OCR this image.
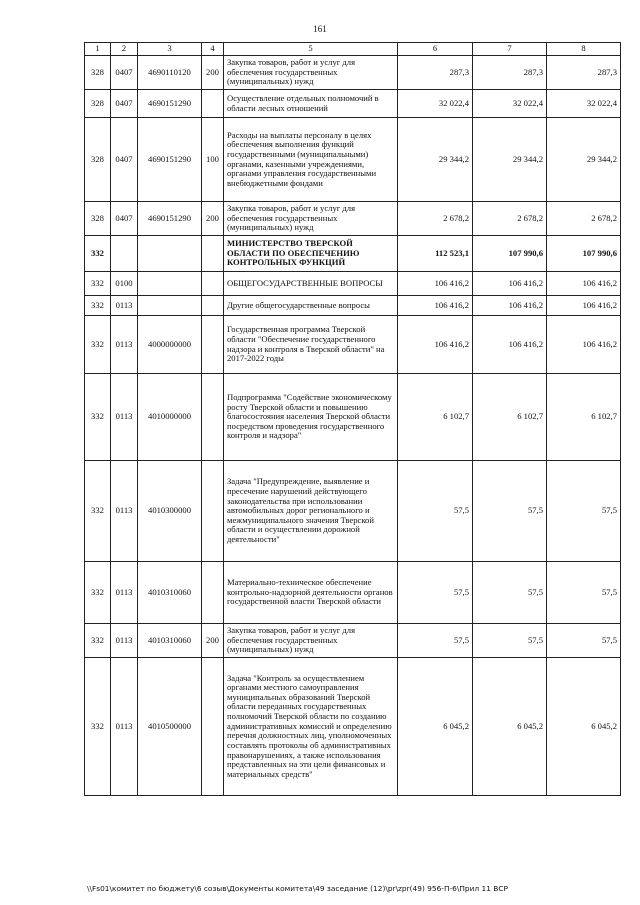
161
1	2	3	4	5	6	7	8
328	0407	4690110120	200	Закупка товаров, работ и услуг для обеспечения государственных (муниципальных) нужд	287,3	287,3	287,3
328	0407	4690151290		Осуществление отдельных полномочий в области лесных отношений	32 022,4	32 022,4	32 022,4
328	0407	4690151290	100	Расходы на выплаты персоналу в целях обеспечения выполнения функций государственными (муниципальными) органами, казенными учреждениями, органами управления государственными внебюджетными фондами	29 344,2	29 344,2	29 344,2
328	0407	4690151290	200	Закупка товаров, работ и услуг для обеспечения государственных (муниципальных) нужд	2 678,2	2 678,2	2 678,2
332				МИНИСТЕРСТВО ТВЕРСКОЙ ОБЛАСТИ ПО ОБЕСПЕЧЕНИЮ КОНТРОЛЬНЫХ ФУНКЦИЙ	112 523,1	107 990,6	107 990,6
332	0100			ОБЩЕГОСУДАРСТВЕННЫЕ ВОПРОСЫ	106 416,2	106 416,2	106 416,2
332	0113			Другие общегосударственные вопросы	106 416,2	106 416,2	106 416,2
332	0113	4000000000		Государственная программа Тверской области "Обеспечение государственного надзора и контроля в Тверской области" на 2017-2022 годы	106 416,2	106 416,2	106 416,2
332	0113	4010000000		Подпрограмма "Содействие экономическому росту Тверской области и повышению благосостояния населения Тверской области посредством проведения государственного контроля и надзора"	6 102,7	6 102,7	6 102,7
332	0113	4010300000		Задача "Предупреждение, выявление и пресечение нарушений действующего законодательства при использовании автомобильных дорог регионального и межмуниципального значения Тверской области и осуществлении дорожной деятельности"	57,5	57,5	57,5
332	0113	4010310060		Материально-техническое обеспечение контрольно-надзорной деятельности органов государственной власти Тверской области	57,5	57,5	57,5
332	0113	4010310060	200	Закупка товаров, работ и услуг для обеспечения государственных (муниципальных) нужд	57,5	57,5	57,5
332	0113	4010500000		Задача "Контроль за осуществлением органами местного самоуправления муниципальных образований Тверской области переданных государственных полномочий Тверской области по созданию административных комиссий и определению перечня должностных лиц, уполномоченных составлять протоколы об административных правонарушениях, а также использования представленных на эти цели финансовых и материальных средств"	6 045,2	6 045,2	6 045,2
\\Fs01\комитет по бюджету\6 созыв\Документы комитета\49 заседание (12)\pr\zpr(49) 956-П-6\Прил 11 ВСР
